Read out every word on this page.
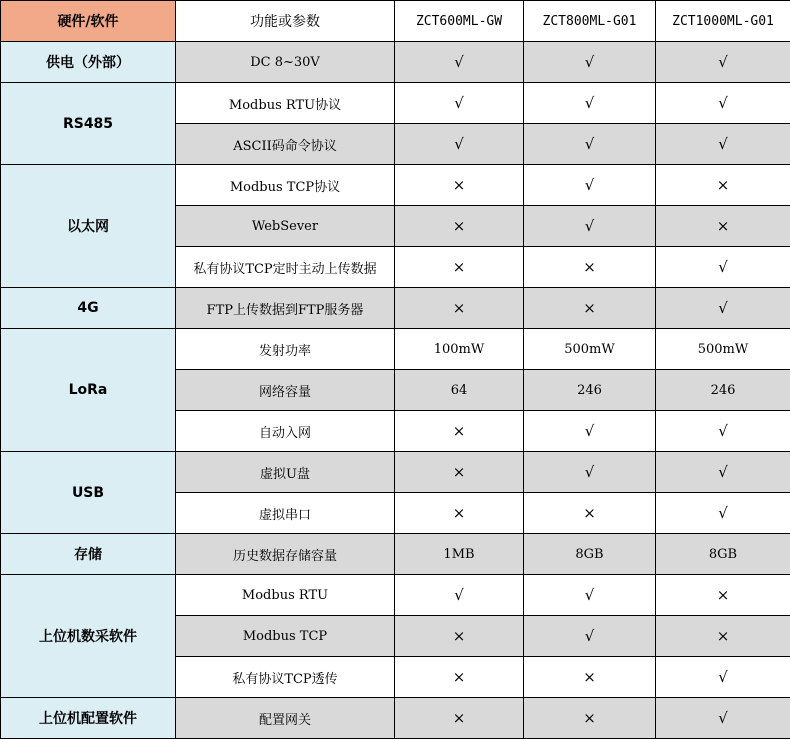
硬件/软件	功能或参数	ZCT600ML-GW	ZCT800ML-G01	ZCT1000ML-G01
供电（外部）	DC 8~30V	√	√	√
RS485	Modbus RTU协议	√	√	√
	ASCII码命令协议	√	√	√
以太网	Modbus TCP协议	×	√	×
	WebSever	×	√	×
	私有协议TCP定时主动上传数据	×	×	√
4G	FTP上传数据到FTP服务器	×	×	√
LoRa	发射功率	100mW	500mW	500mW
	网络容量	64	246	246
	自动入网	×	√	√
USB	虚拟U盘	×	√	√
	虚拟串口	×	×	√
存储	历史数据存储容量	1MB	8GB	8GB
上位机数采软件	Modbus RTU	√	√	×
	Modbus TCP	×	√	×
	私有协议TCP透传	×	×	√
上位机配置软件	配置网关	×	×	√
